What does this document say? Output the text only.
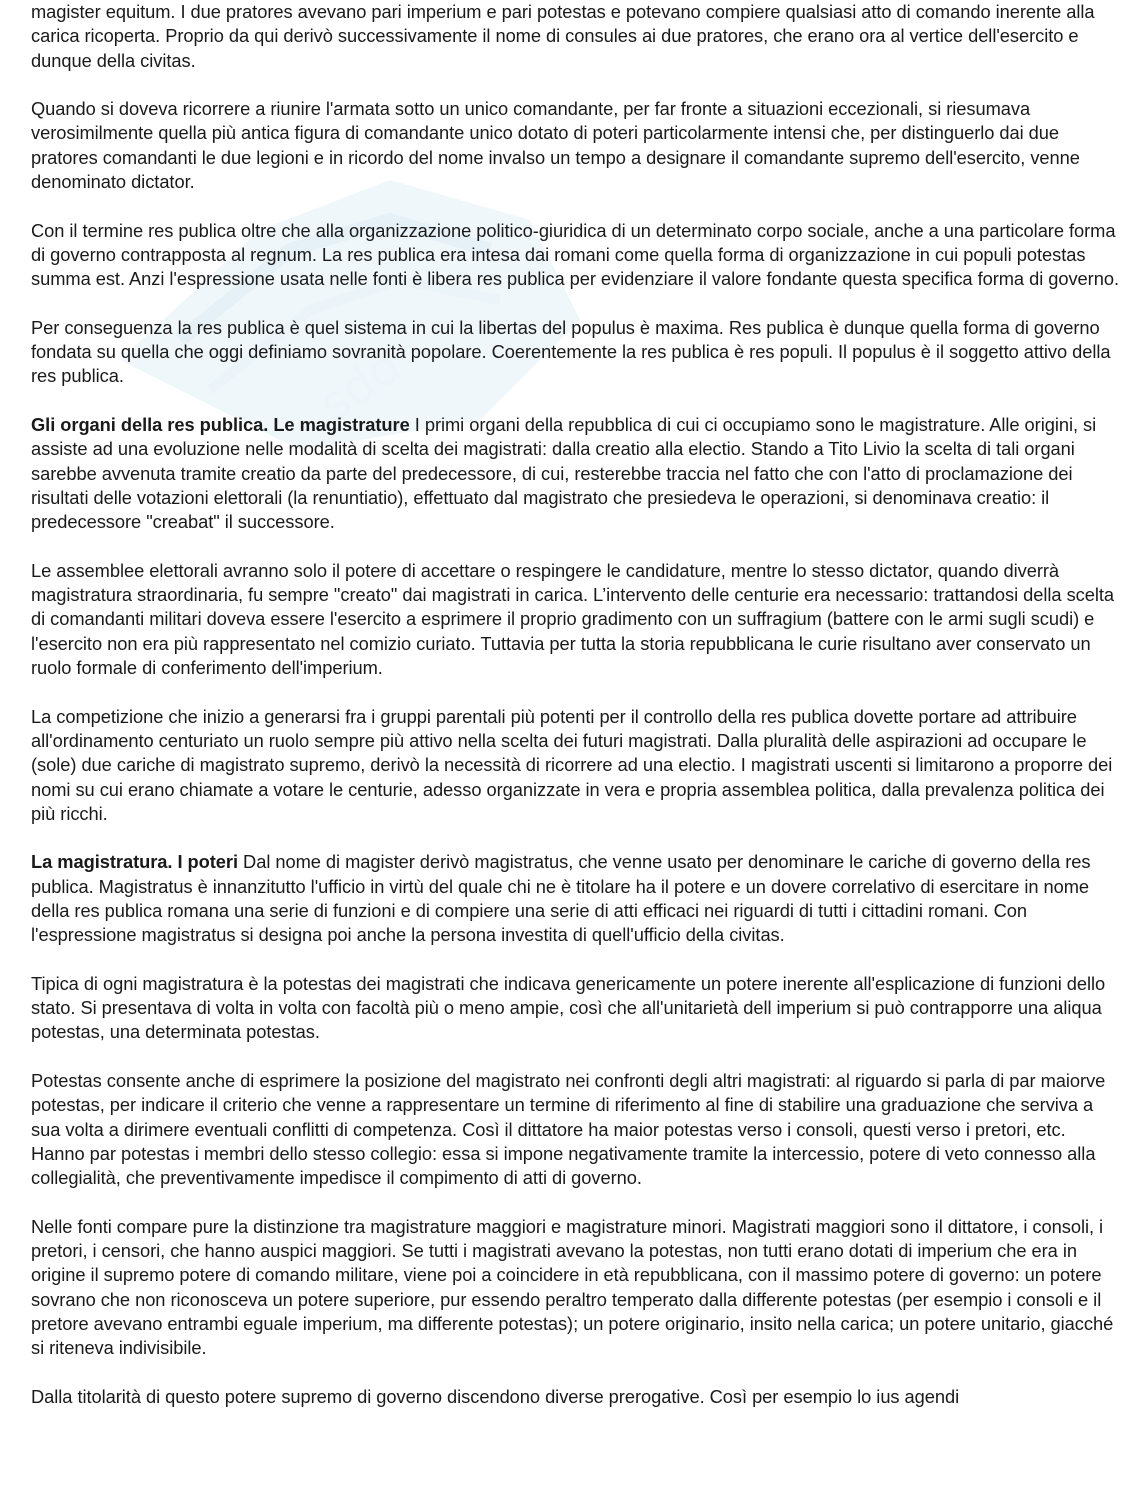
sdd

magister equitum. I due pratores avevano pari imperium e pari potestas e potevano compiere qualsiasi atto di comando inerente alla carica ricoperta. Proprio da qui derivò successivamente il nome di consules ai due pratores, che erano ora al vertice dell'esercito e dunque della civitas.

Quando si doveva ricorrere a riunire l'armata sotto un unico comandante, per far fronte a situazioni eccezionali, si riesumava verosimilmente quella più antica figura di comandante unico dotato di poteri particolarmente intensi che, per distinguerlo dai due pratores comandanti le due legioni e in ricordo del nome invalso un tempo a designare il comandante supremo dell'esercito, venne denominato dictator.

Con il termine res publica oltre che alla organizzazione politico-giuridica di un determinato corpo sociale, anche a una particolare forma di governo contrapposta al regnum. La res publica era intesa dai romani come quella forma di organizzazione in cui populi potestas summa est. Anzi l'espressione usata nelle fonti è libera res publica per evidenziare il valore fondante questa specifica forma di governo.

Per conseguenza la res publica è quel sistema in cui la libertas del populus è maxima. Res publica è dunque quella forma di governo fondata su quella che oggi definiamo sovranità popolare. Coerentemente la res publica è res populi. Il populus è il soggetto attivo della res publica.

Gli organi della res publica. Le magistrature I primi organi della repubblica di cui ci occupiamo sono le magistrature. Alle origini, si assiste ad una evoluzione nelle modalità di scelta dei magistrati: dalla creatio alla electio. Stando a Tito Livio la scelta di tali organi sarebbe avvenuta tramite creatio da parte del predecessore, di cui, resterebbe traccia nel fatto che con l'atto di proclamazione dei risultati delle votazioni elettorali (la renuntiatio), effettuato dal magistrato che presiedeva le operazioni, si denominava creatio: il predecessore "creabat" il successore.

Le assemblee elettorali avranno solo il potere di accettare o respingere le candidature, mentre lo stesso dictator, quando diverrà magistratura straordinaria, fu sempre "creato" dai magistrati in carica. L’intervento delle centurie era necessario: trattandosi della scelta di comandanti militari doveva essere l'esercito a esprimere il proprio gradimento con un suffragium (battere con le armi sugli scudi) e l'esercito non era più rappresentato nel comizio curiato. Tuttavia per tutta la storia repubblicana le curie risultano aver conservato un ruolo formale di conferimento dell'imperium.

La competizione che inizio a generarsi fra i gruppi parentali più potenti per il controllo della res publica dovette portare ad attribuire all'ordinamento centuriato un ruolo sempre più attivo nella scelta dei futuri magistrati. Dalla pluralità delle aspirazioni ad occupare le (sole) due cariche di magistrato supremo, derivò la necessità di ricorrere ad una electio. I magistrati uscenti si limitarono a proporre dei nomi su cui erano chiamate a votare le centurie, adesso organizzate in vera e propria assemblea politica, dalla prevalenza politica dei più ricchi.

La magistratura. I poteri Dal nome di magister derivò magistratus, che venne usato per denominare le cariche di governo della res publica. Magistratus è innanzitutto l'ufficio in virtù del quale chi ne è titolare ha il potere e un dovere correlativo di esercitare in nome della res publica romana una serie di funzioni e di compiere una serie di atti efficaci nei riguardi di tutti i cittadini romani. Con l'espressione magistratus si designa poi anche la persona investita di quell'ufficio della civitas.

Tipica di ogni magistratura è la potestas dei magistrati che indicava genericamente un potere inerente all'esplicazione di funzioni dello stato. Si presentava di volta in volta con facoltà più o meno ampie, così che all'unitarietà dell imperium si può contrapporre una aliqua potestas, una determinata potestas.

Potestas consente anche di esprimere la posizione del magistrato nei confronti degli altri magistrati: al riguardo si parla di par maiorve potestas, per indicare il criterio che venne a rappresentare un termine di riferimento al fine di stabilire una graduazione che serviva a sua volta a dirimere eventuali conflitti di competenza. Così il dittatore ha maior potestas verso i consoli, questi verso i pretori, etc. Hanno par potestas i membri dello stesso collegio: essa si impone negativamente tramite la intercessio, potere di veto connesso alla collegialità, che preventivamente impedisce il compimento di atti di governo.

Nelle fonti compare pure la distinzione tra magistrature maggiori e magistrature minori. Magistrati maggiori sono il dittatore, i consoli, i pretori, i censori, che hanno auspici maggiori. Se tutti i magistrati avevano la potestas, non tutti erano dotati di imperium che era in origine il supremo potere di comando militare, viene poi a coincidere in età repubblicana, con il massimo potere di governo: un potere sovrano che non riconosceva un potere superiore, pur essendo peraltro temperato dalla differente potestas (per esempio i consoli e il pretore avevano entrambi eguale imperium, ma differente potestas); un potere originario, insito nella carica; un potere unitario, giacché si riteneva indivisibile.

Dalla titolarità di questo potere supremo di governo discendono diverse prerogative. Così per esempio lo ius agendi
